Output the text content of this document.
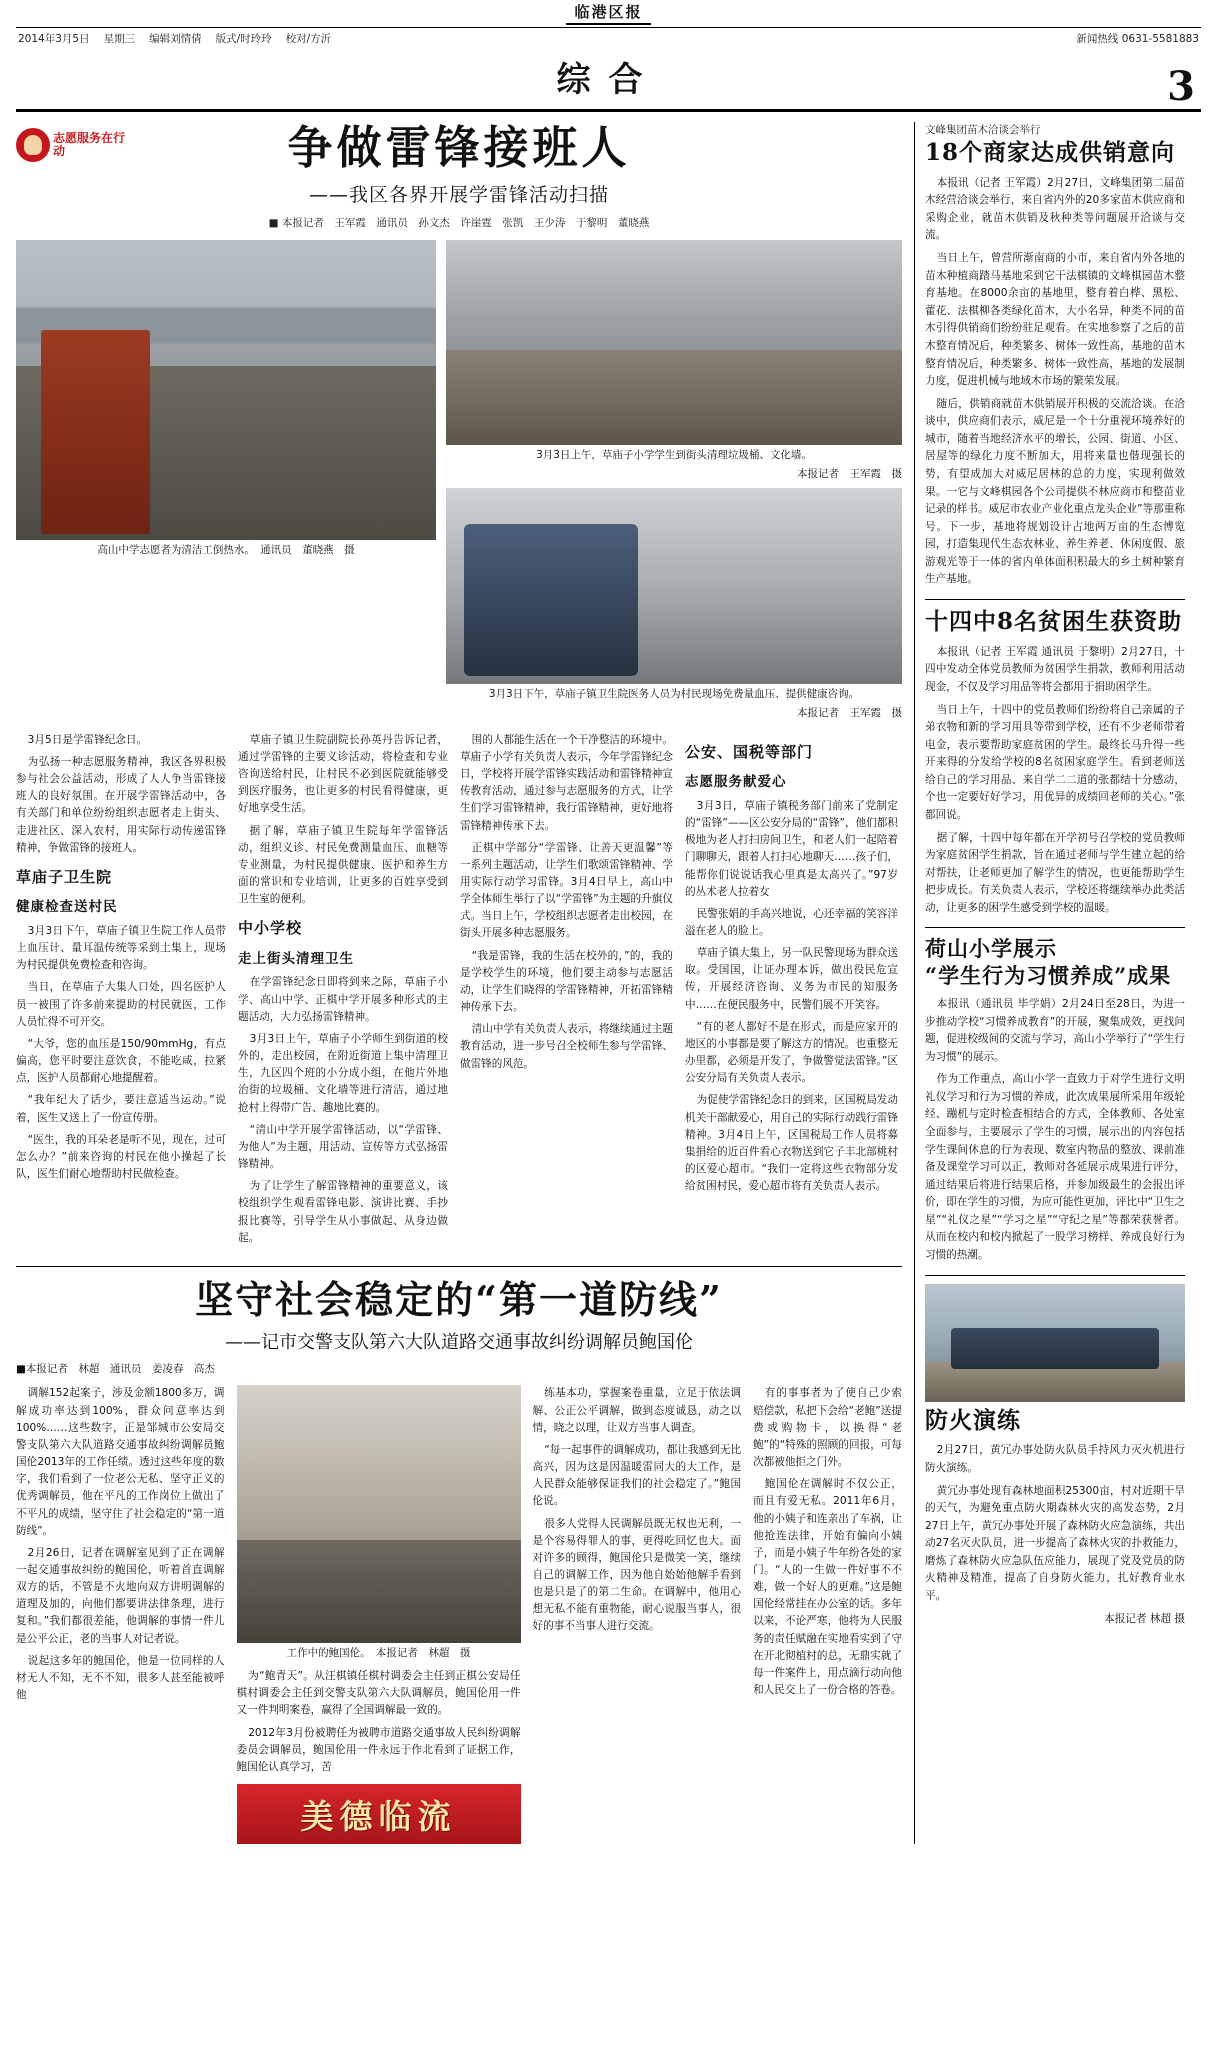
临港区报
2014年3月5日 星期三 编辑刘情倩 版式/时玲玲 校对/方沂	新闻热线 0631-5581883
综合	3
志愿服务在行动	争做雷锋接班人
——我区各界开展学雷锋活动扫描
■ 本报记者　王军霞　通讯员　孙文杰　许崖霆　张凯　王少涛　于黎明　董晓燕
高山中学志愿者为清洁工倒热水。　通讯员　董晓燕　摄
3月3日上午，草庙子小学学生到街头清理垃圾桶、文化墙。
本报记者　王军霞　摄
3月3日下午，草庙子镇卫生院医务人员为村民现场免费量血压、提供健康咨询。
本报记者　王军霞　摄

3月5日是学雷锋纪念日。

为弘扬一种志愿服务精神，我区各界积极参与社会公益活动，形成了人人争当雷锋接班人的良好氛围。在开展学雷锋活动中，各有关部门和单位纷纷组织志愿者走上街头、走进社区、深入农村，用实际行动传递雷锋精神，争做雷锋的接班人。

草庙子卫生院
健康检查送村民

3月3日下午，草庙子镇卫生院工作人员带上血压计、量耳温传统等采到土集上，现场为村民提供免费检查和咨询。

当日，在草庙子大集人口处，四名医护人员一被围了许多前来提助的村民就医，工作人员忙得不可开交。

“大爷，您的血压是150/90mmHg，有点偏高，您平时要注意饮食，不能吃咸，拉紧点，医护人员都耐心地提醒着。

“我年纪大了话少，要注意适当运动。”说着，医生又送上了一份宣传册。

“医生，我的耳朵老是听不见，现在，过可怎么办？”前来咨询的村民在他小操起了长队，医生们耐心地帮助村民做检查。

草庙子镇卫生院副院长孙英丹告诉记者，通过学雷锋的主要义诊活动，将检查和专业咨询送给村民，让村民不必到医院就能够受到医疗服务，也让更多的村民看得健康，更好地享受生活。

据了解，草庙子镇卫生院每年学雷锋活动，组织义诊、村民免费测量血压、血糖等专业测量，为村民提供健康、医护和养生方面的常识和专业培训，让更多的百姓享受到卫生室的便利。

中小学校
走上街头清理卫生

在学雷锋纪念日即将到来之际，草庙子小学、高山中学、正棋中学开展多种形式的主题活动，大力弘扬雷锋精神。

3月3日上午，草庙子小学师生到街道的校外的，走出校园，在附近街道上集中清理卫生，九区四个班的小分成小组，在他片外地治街的垃圾桶、文化墙等进行清洁，通过地抢村上得带广告、趣地比赛的。

“清山中学开展学雷锋活动，以“学雷锋、为他人”为主题，用活动、宣传等方式弘扬雷锋精神。

为了让学生了解雷锋精神的重要意义，该校组织学生观看雷锋电影、演讲比赛、手抄报比赛等，引导学生从小事做起、从身边做起。

围的人都能生活在一个干净整洁的环境中。草庙子小学有关负责人表示，今年学雷锋纪念日，学校将开展学雷锋实践活动和雷锋精神宣传教育活动，通过参与志愿服务的方式，让学生们学习雷锋精神，我行雷锋精神，更好地将雷锋精神传承下去。

正棋中学部分“学雷锋、让善天更温馨”等一系列主题活动，让学生们歌颂雷锋精神、学用实际行动学习雷锋。3月4日早上，高山中学全体师生举行了以“学雷锋”为主题的升旗仪式。当日上午，学校组织志愿者走出校园，在街头开展多种志愿服务。

“我是雷锋，我的生活在校外的，”的，我的是学校学生的环境，他们要主动参与志愿活动，让学生们晓得的学雷锋精神，开拓雷锋精神传承下去。

清山中学有关负责人表示，将继续通过主题教育活动，进一步号召全校师生参与学雷锋、做雷锋的风范。

公安、国税等部门
志愿服务献爱心

3月3日，草庙子镇税务部门前来了党制定的“雷锋”——区公安分局的“雷锋”，他们都积极地为老人打扫房间卫生，和老人们一起陪着门聊聊天，跟着人打扫心地聊天……孩子们，能帮你们说说话我心里真是太高兴了。”97岁的丛术老人拉着女

民警张娟的手高兴地说，心还幸福的笑容洋溢在老人的脸上。

草庙子镇大集上，另一队民警现场为群众送取。受国国，让证办理本诉，做出役民危宣传，开展经济咨询、义务为市民的知服务中……在便民服务中，民警们展不开笑容。

“有的老人都好不是在形式，而是应家开的地区的小事都是要了解这方的情况。也重整无办里都，必须是开发了，争做警觉法雷锋。”区公安分局有关负责人表示。

为促使学雷锋纪念日的到来，区国税局发动机关干部献爱心，用自己的实际行动践行雷锋精神。3月4日上午，区国税局工作人员将募集捐给的近百件看心衣物送到它子丰北部桃村的区爱心超市。“我们一定将这些衣物部分发给贫困村民，爱心超市将有关负责人表示。

坚守社会稳定的“第一道防线”
——记市交警支队第六大队道路交通事故纠纷调解员鲍国伦
■本报记者　林超　通讯员　姜凌春　高杰

调解152起案子，涉及金额1800多万，调解成功率达到100%，群众问意率达到100%……这些数字，正是邹城市公安局交警支队第六大队道路交通事故纠纷调解员鲍国伦2013年的工作任绩。透过这些年度的数字，我们看到了一位老公无私、坚守正义的优秀调解员，他在平凡的工作岗位上做出了不平凡的成绩，坚守住了社会稳定的“第一道防线”。

2月26日，记者在调解室见到了正在调解一起交通事故纠纷的鲍国伦，听着首直调解双方的话，不管是不火地向双方讲明调解的道理及加的，向他们都要讲法律条理，进行复和。”我们都很差能，他调解的事情一件儿是公平公正，老的当事人对记者说。

说起这多年的鲍国伦，他是一位同样的人材无人不知，无不不知，很多人甚至能被呼他

工作中的鲍国伦。　本报记者　林超　摄

为“鲍青天”。从汪棋镇任棋村调委会主任到正棋公安局任棋村调委会主任到交警支队第六大队调解员，鲍国伦用一件又一件判明案卷，赢得了全国调解最一致的。

2012年3月份被聘任为被聘市道路交通事故人民纠纷调解委员会调解员，鲍国伦用一件永远于作北看到了证据工作，鲍国伦认真学习，苦

美德临流

练基本功，掌握案卷重量，立足于依法调解、公正公平调解，做到态度诚恳，动之以情，晓之以理，让双方当事人调查。

“每一起事件的调解成功，都让我感到无比高兴，因为这是因温暖雷同大的大工作，是人民群众能够保证我们的社会稳定了。”鲍国伦说。

很多人党得人民调解员既无权也无利，一是个容易得罪人的事，更得吃回忆也大。面对许多的顾得，鲍国伦只是微笑一笑，继续自己的调解工作，因为他自始始他解手看到也是只是了的第二生命。在调解中，他用心想无私不能有重物能，耐心说服当事人，很好的事不当事人进行交流。

有的事事者为了使自己少索赔偿款，私把下会给“老鲍”送提费或购物卡，以换得“老鲍”的“特殊的照顾的回报，可每次都被他拒之门外。

鲍国伦在调解时不仅公正，而且有爱无私。2011年6月，他的小姨子和连亲出了车祸，让他抢连法律，开始有偏向小姨子，而是小姨子牛年纷各处的家门。“人的一生做一件好事不不难，做一个好人的更难。”这是鲍国伦经常挂在办公室的话。多年以来，不论严寒，他将为人民服务的责任赋融在实地看实到了守在开北彻植村的总，无鼎实就了每一件案件上，用点滴行动向他和人民交上了一份合格的答卷。

文峰集团苗木洽谈会举行
18个商家达成供销意向

本报讯（记者 王军霞）2月27日，文峰集团第二届苗木经营洽谈会举行，来自省内外的20多家苗木供应商和采购企业，就苗木供销及秋种类等问题展开洽谈与交流。

当日上午，曾营所渐南商的小市，来自省内外各地的苗木种植商踏马基地采到它干法棋镇的文峰棋园苗木整育基地。在8000余亩的基地里，整育着白桦、黑松、藿花、法棋柳各类绿化苗木，大小名异，种类不同的苗木引得供销商们纷纷驻足观看。在实地参察了之后的苗木整育情况后，种类繁多、树体一致性高，基地的苗木整育情况后，种类繁多、树体一致性高，基地的发展制力度，促进机械与地域木市场的繁荣发展。

随后，供销商就苗木供销展开积极的交流洽谈。在洽谈中，供应商们表示，威尼是一个十分重视环境养好的城市，随着当地经济水平的增长，公园、街道、小区、居屋等的绿化力度不断加大，用将来量也偕现强长的势，有望成加大对威尼居林的总的力度，实现利做效果。一它与文峰棋园各个公司提供不林应商市和整苗业记录的样书。威尼市农业产业化重点龙头企业”等那重称号。下一步，基地将规划设计占地两万亩的生态博览园，打造集现代生态农林业、养生养老、休闲度假、旅游观光等于一体的省内单体面积积最大的乡土树种繁育生产基地。

十四中8名贫困生获资助

本报讯（记者 王军霞 通讯员 于黎明）2月27日，十四中发动全体党员教师为贫困学生捐款，教师利用活动现金，不仅及学习用品等将会都用于捐助困学生。

当日上午，十四中的党员教师们纷纷将自己亲属的子弟衣物和新的学习用具等带到学校，还有不少老师带着电金，表示要帮助家庭贫困的学生。最终长马升得一些开来得的分发给学校的8名贫困家庭学生。看到老师送给自己的学习用品、来自学二二道的张都结十分感动，个也一定要好好学习，用优异的成绩回老师的关心。”张都回说。

据了解，十四中每年都在开学初号召学校的党员教师为家庭贫困学生捐款，旨在通过老师与学生建立起的给对帮扶，让老师更加了解学生的情况，也更能帮助学生把步成长。有关负责人表示，学校还将继续举办此类活动，让更多的困学生感受到学校的温暖。

荷山小学展示
“学生行为习惯养成”成果

本报讯（通讯员 毕学娟）2月24日至28日，为进一步推动学校“习惯养成教育”的开展，聚集成效，更找问题，促进校级间的交流与学习，高山小学举行了“学生行为习惯”的展示。

作为工作重点，高山小学一直致力于对学生进行文明礼仪学习和行为习惯的养成，此次成果展所采用年级轮经、蹦机与定时检查相结合的方式，全体教师、各处室全面参与，主要展示了学生的习惯，展示出的内容包括学生课间休息的行为表现、数室内物品的整放、课前准备及课堂学习可以正，教师对各延展示成果进行评分，通过结果后将进行结果后格，并参加级最生的会报出评价，即在学生的习惯，为应可能性更加，评比中“卫生之星”“礼仪之星”“学习之星”“守纪之星”等都荣获誉者。从而在校内和校内掀起了一股学习榜样、养成良好行为习惯的热潮。

防火演练

2月27日，黄冗办事处防火队员手持风力灭火机进行防火演练。

黄冗办事处现有森林地面积25300亩，村对近期干旱的天气，为避免重点防火期森林火灾的高发态势，2月27日上午，黄冗办事处开展了森林防火应急演练，共出动27名灭火队员，进一步提高了森林火灾的扑救能力，磨炼了森林防火应急队伍应能力，展现了党及党员的防火精神及精准，提高了自身防火能力，扎好教育业水平。

本报记者 林超 摄
